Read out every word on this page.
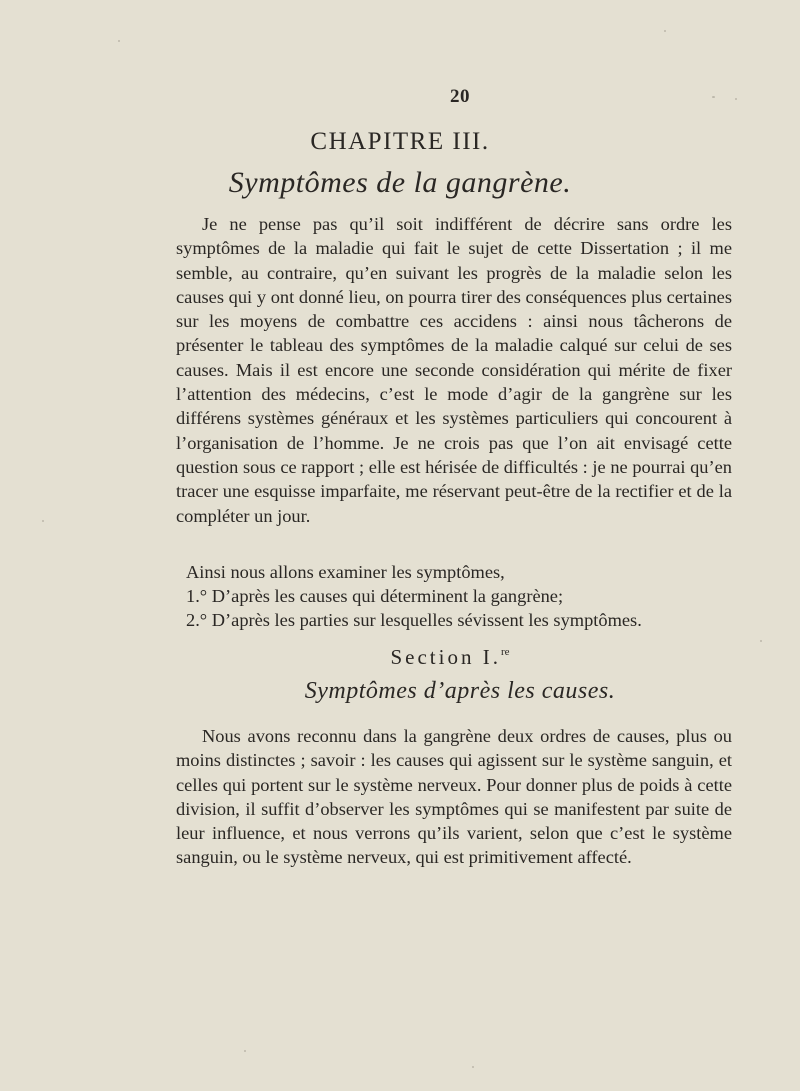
20
CHAPITRE III.
Symptômes de la gangrène.

Je ne pense pas qu’il soit indifférent de décrire sans ordre les symptômes de la maladie qui fait le sujet de cette Dissertation ; il me semble, au contraire, qu’en suivant les progrès de la maladie selon les causes qui y ont donné lieu, on pourra tirer des conséquences plus certaines sur les moyens de combattre ces accidens : ainsi nous tâcherons de présenter le tableau des symptômes de la maladie calqué sur celui de ses causes. Mais il est encore une seconde considération qui mérite de fixer l’attention des médecins, c’est le mode d’agir de la gangrène sur les différens systèmes généraux et les systèmes particuliers qui concourent à l’organisation de l’homme. Je ne crois pas que l’on ait envisagé cette question sous ce rapport ; elle est hérisée de difficultés : je ne pourrai qu’en tracer une esquisse imparfaite, me réservant peut-être de la rectifier et de la compléter un jour.

Ainsi nous allons examiner les symptômes,

1.° D’après les causes qui déterminent la gangrène;

2.° D’après les parties sur lesquelles sévissent les symptômes.

Section I.$^{re}$
Symptômes d’après les causes.

Nous avons reconnu dans la gangrène deux ordres de causes, plus ou moins distinctes ; savoir : les causes qui agissent sur le système sanguin, et celles qui portent sur le système nerveux. Pour donner plus de poids à cette division, il suffit d’observer les symptômes qui se manifestent par suite de leur influence, et nous verrons qu’ils varient, selon que c’est le système sanguin, ou le système nerveux, qui est primitivement affecté.
